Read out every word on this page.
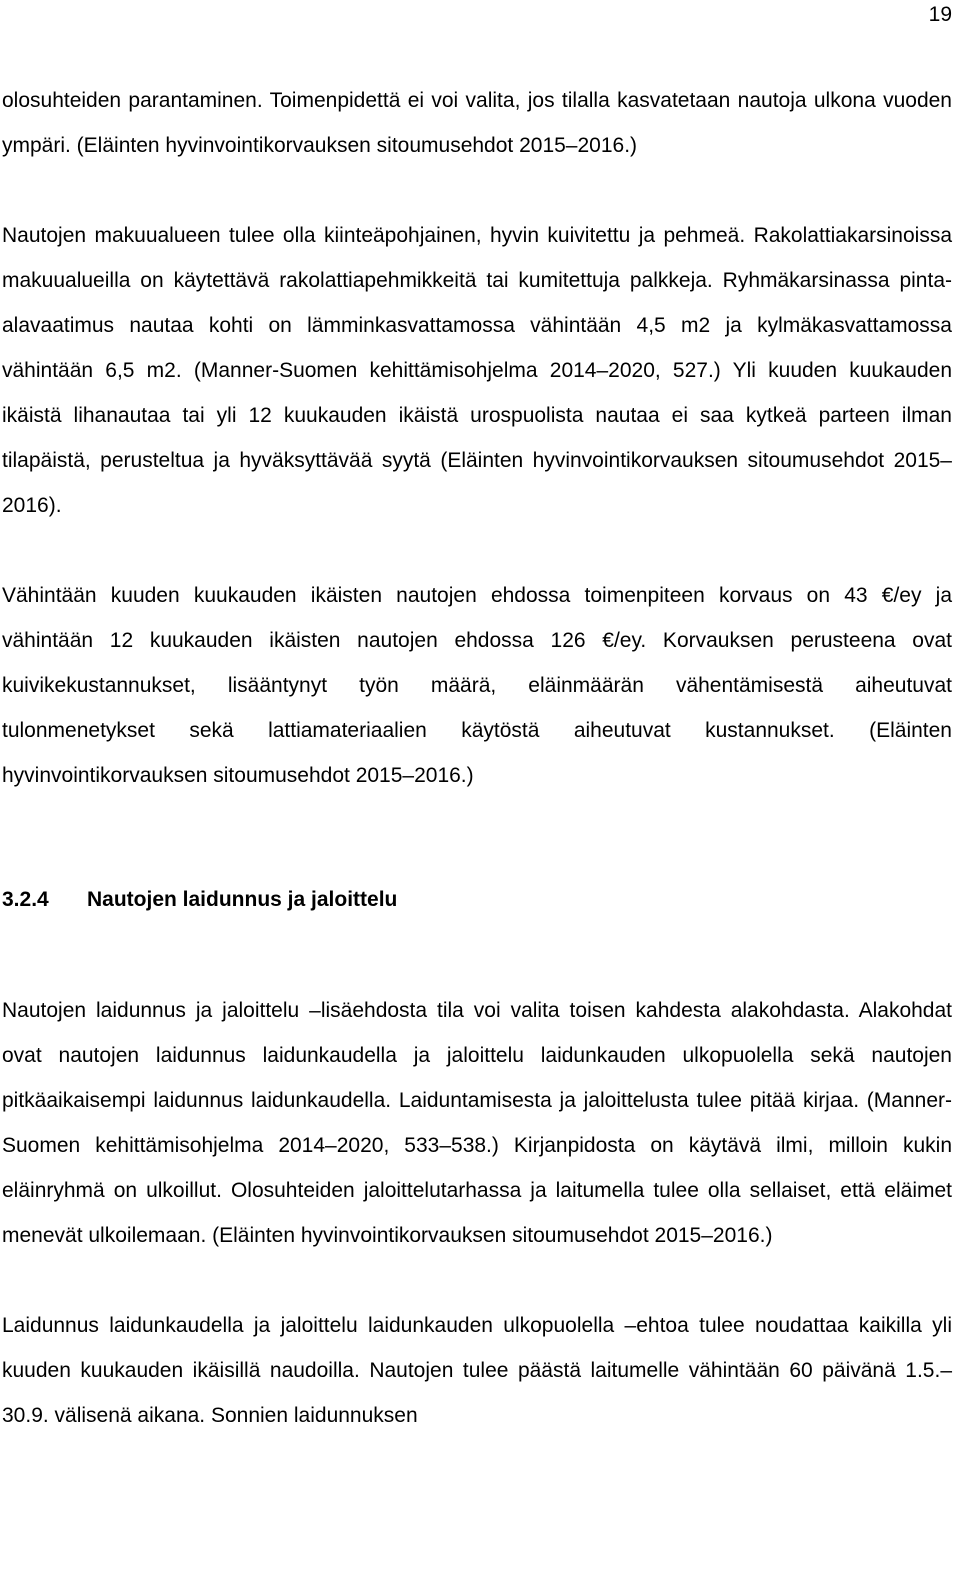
19

olosuhteiden parantaminen. Toimenpidettä ei voi valita, jos tilalla kasvatetaan nautoja ulkona vuoden ympäri. (Eläinten hyvinvointikorvauksen sitoumusehdot 2015–2016.)

Nautojen makuualueen tulee olla kiinteäpohjainen, hyvin kuivitettu ja pehmeä. Rakolattiakarsinoissa makuualueilla on käytettävä rakolattiapehmikkeitä tai kumitettuja palkkeja. Ryhmäkarsinassa pinta-alavaatimus nautaa kohti on lämminkasvattamossa vähintään 4,5 m2 ja kylmäkasvattamossa vähintään 6,5 m2. (Manner-Suomen kehittämisohjelma 2014–2020, 527.) Yli kuuden kuukauden ikäistä lihanautaa tai yli 12 kuukauden ikäistä urospuolista nautaa ei saa kytkeä parteen ilman tilapäistä, perusteltua ja hyväksyttävää syytä (Eläinten hyvinvointikorvauksen sitoumusehdot 2015–2016).

Vähintään kuuden kuukauden ikäisten nautojen ehdossa toimenpiteen korvaus on 43 €/ey ja vähintään 12 kuukauden ikäisten nautojen ehdossa 126 €/ey. Korvauksen perusteena ovat kuivikekustannukset, lisääntynyt työn määrä, eläinmäärän vähentämisestä aiheutuvat tulonmenetykset sekä lattiamateriaalien käytöstä aiheutuvat kustannukset. (Eläinten hyvinvointikorvauksen sitoumusehdot 2015–2016.)

3.2.4	Nautojen laidunnus ja jaloittelu

Nautojen laidunnus ja jaloittelu –lisäehdosta tila voi valita toisen kahdesta alakohdasta. Alakohdat ovat nautojen laidunnus laidunkaudella ja jaloittelu laidunkauden ulkopuolella sekä nautojen pitkäaikaisempi laidunnus laidunkaudella. Laiduntamisesta ja jaloittelusta tulee pitää kirjaa. (Manner-Suomen kehittämisohjelma 2014–2020, 533–538.) Kirjanpidosta on käytävä ilmi, milloin kukin eläinryhmä on ulkoillut. Olosuhteiden jaloittelutarhassa ja laitumella tulee olla sellaiset, että eläimet menevät ulkoilemaan. (Eläinten hyvinvointikorvauksen sitoumusehdot 2015–2016.)

Laidunnus laidunkaudella ja jaloittelu laidunkauden ulkopuolella –ehtoa tulee noudattaa kaikilla yli kuuden kuukauden ikäisillä naudoilla. Nautojen tulee päästä laitumelle vähintään 60 päivänä 1.5.–30.9. välisenä aikana. Sonnien laidunnuksen
